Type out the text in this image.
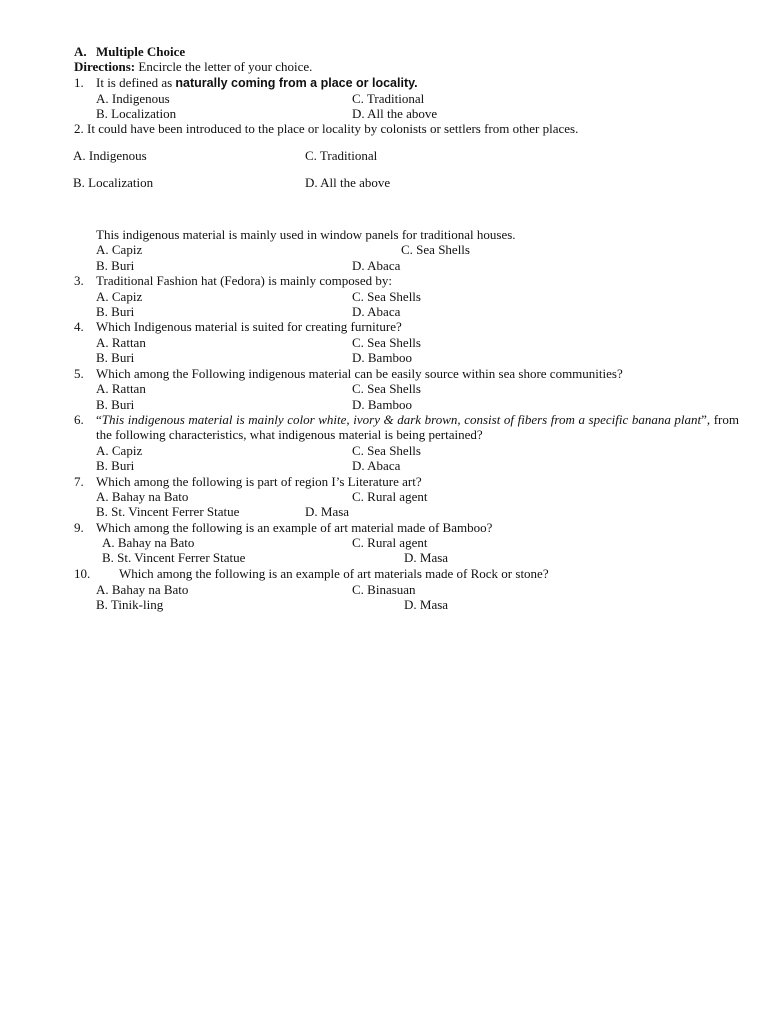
A. Multiple Choice
Directions: Encircle the letter of your choice.
1. It is defined as naturally coming from a place or locality.
A. Indigenous	C. Traditional
B. Localization	D. All the above
2. It could have been introduced to the place or locality by colonists or settlers from other places.
A. Indigenous	C. Traditional
B. Localization	D. All the above
This indigenous material is mainly used in window panels for traditional houses.
A. Capiz	C. Sea Shells
B. Buri	D. Abaca
3. Traditional Fashion hat (Fedora) is mainly composed by:
A. Capiz	C. Sea Shells
B. Buri	D. Abaca
4. Which Indigenous material is suited for creating furniture?
A. Rattan	C. Sea Shells
B. Buri	D. Bamboo
5. Which among the Following indigenous material can be easily source within sea shore communities?
A. Rattan	C. Sea Shells
B. Buri	D. Bamboo
6. “This indigenous material is mainly color white, ivory & dark brown, consist of fibers from a specific banana plant”, from the following characteristics, what indigenous material is being pertained?
A. Capiz	C. Sea Shells
B. Buri	D. Abaca
7. Which among the following is part of region I’s Literature art?
A. Bahay na Bato	C. Rural agent
B. St. Vincent Ferrer Statue	D. Masa
9. Which among the following is an example of art material made of Bamboo?
A. Bahay na Bato	C. Rural agent
B. St. Vincent Ferrer Statue	D. Masa
10. Which among the following is an example of art materials made of Rock or stone?
A. Bahay na Bato	C. Binasuan
B. Tinik-ling	D. Masa
